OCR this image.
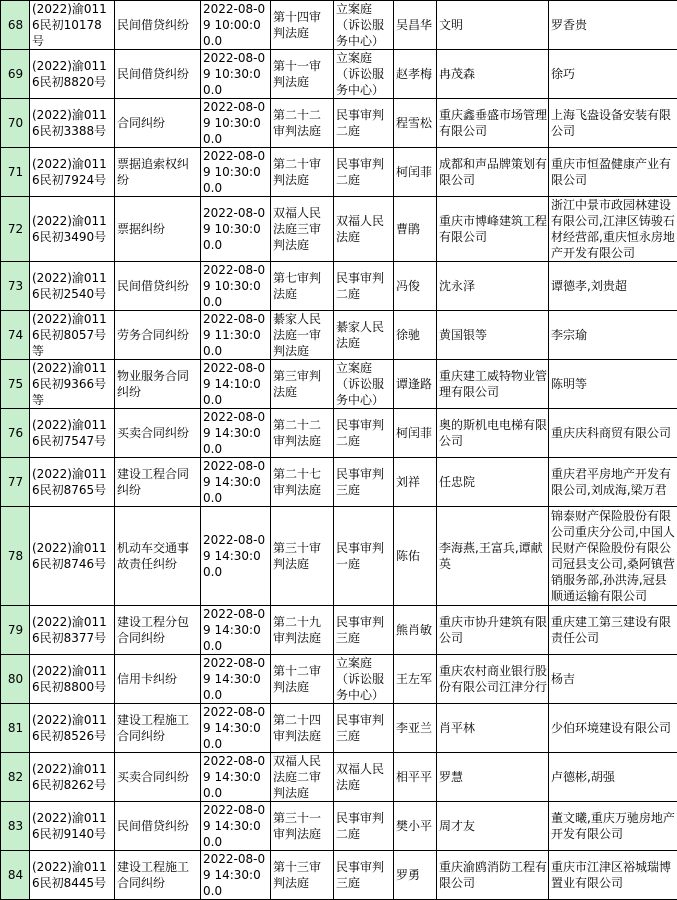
68	(2022)渝0116民初10178号	民间借贷纠纷	2022-08-09 10:00:00.0	第十四审判法庭	立案庭（诉讼服务中心）	吴昌华	文明	罗香贵
69	(2022)渝0116民初8820号	民间借贷纠纷	2022-08-09 10:30:00.0	第十一审判法庭	立案庭（诉讼服务中心）	赵孝梅	冉茂森	徐巧
70	(2022)渝0116民初3388号	合同纠纷	2022-08-09 10:30:00.0	第二十二审判法庭	民事审判二庭	程雪松	重庆鑫垂盛市场管理有限公司	上海飞盎设备安装有限公司
71	(2022)渝0116民初7924号	票据追索权纠纷	2022-08-09 10:30:00.0	第二十审判法庭	民事审判二庭	柯闰菲	成都和声品牌策划有限公司	重庆市恒盈健康产业有限公司
72	(2022)渝0116民初3490号	票据纠纷	2022-08-09 10:30:00.0	双福人民法庭三审判法庭	双福人民法庭	曹鹃	重庆市博峰建筑工程有限公司	浙江中景市政园林建设有限公司,江津区铸骏石材经营部,重庆恒永房地产开发有限公司
73	(2022)渝0116民初2540号	民间借贷纠纷	2022-08-09 10:30:00.0	第七审判法庭	民事审判二庭	冯俊	沈永泽	谭德孝,刘贵超
74	(2022)渝0116民初8057号等	劳务合同纠纷	2022-08-09 11:30:00.0	綦家人民法庭一审判法庭	綦家人民法庭	徐驰	黄国银等	李宗瑜
75	(2022)渝0116民初9366号等	物业服务合同纠纷	2022-08-09 14:10:00.0	第三审判法庭	立案庭（诉讼服务中心）	谭逢路	重庆建工威特物业管理有限公司	陈明等
76	(2022)渝0116民初7547号	买卖合同纠纷	2022-08-09 14:30:00.0	第二十二审判法庭	民事审判二庭	柯闰菲	奥的斯机电电梯有限公司	重庆庆科商贸有限公司
77	(2022)渝0116民初8765号	建设工程合同纠纷	2022-08-09 14:30:00.0	第二十七审判法庭	民事审判三庭	刘祥	任忠院	重庆君平房地产开发有限公司,刘成海,梁万君
78	(2022)渝0116民初8746号	机动车交通事故责任纠纷	2022-08-09 14:30:00.0	第三十审判法庭	民事审判一庭	陈佑	李海燕,王富兵,谭献英	锦泰财产保险股份有限公司重庆分公司,中国人民财产保险股份有限公司冠县支公司,桑阿镇营销服务部,孙洪涛,冠县顺通运输有限公司
79	(2022)渝0116民初8377号	建设工程分包合同纠纷	2022-08-09 14:30:00.0	第二十九审判法庭	民事审判三庭	熊肖敏	重庆市协升建筑有限公司	重庆建工第三建设有限责任公司
80	(2022)渝0116民初8800号	信用卡纠纷	2022-08-09 14:30:00.0	第十二审判法庭	立案庭（诉讼服务中心）	王左军	重庆农村商业银行股份有限公司江津分行	杨吉
81	(2022)渝0116民初8526号	建设工程施工合同纠纷	2022-08-09 14:30:00.0	第二十四审判法庭	民事审判三庭	李亚兰	肖平林	少伯环境建设有限公司
82	(2022)渝0116民初8262号	买卖合同纠纷	2022-08-09 14:30:00.0	双福人民法庭二审判法庭	双福人民法庭	相平平	罗慧	卢德彬,胡强
83	(2022)渝0116民初9140号	民间借贷纠纷	2022-08-09 14:30:00.0	第三十一审判法庭	民事审判二庭	樊小平	周才友	董文曦,重庆万驰房地产开发有限公司
84	(2022)渝0116民初8445号	建设工程施工合同纠纷	2022-08-09 14:30:00.0	第十三审判法庭	民事审判三庭	罗勇	重庆渝鸥消防工程有限公司	重庆市江津区裕城瑞博置业有限公司
